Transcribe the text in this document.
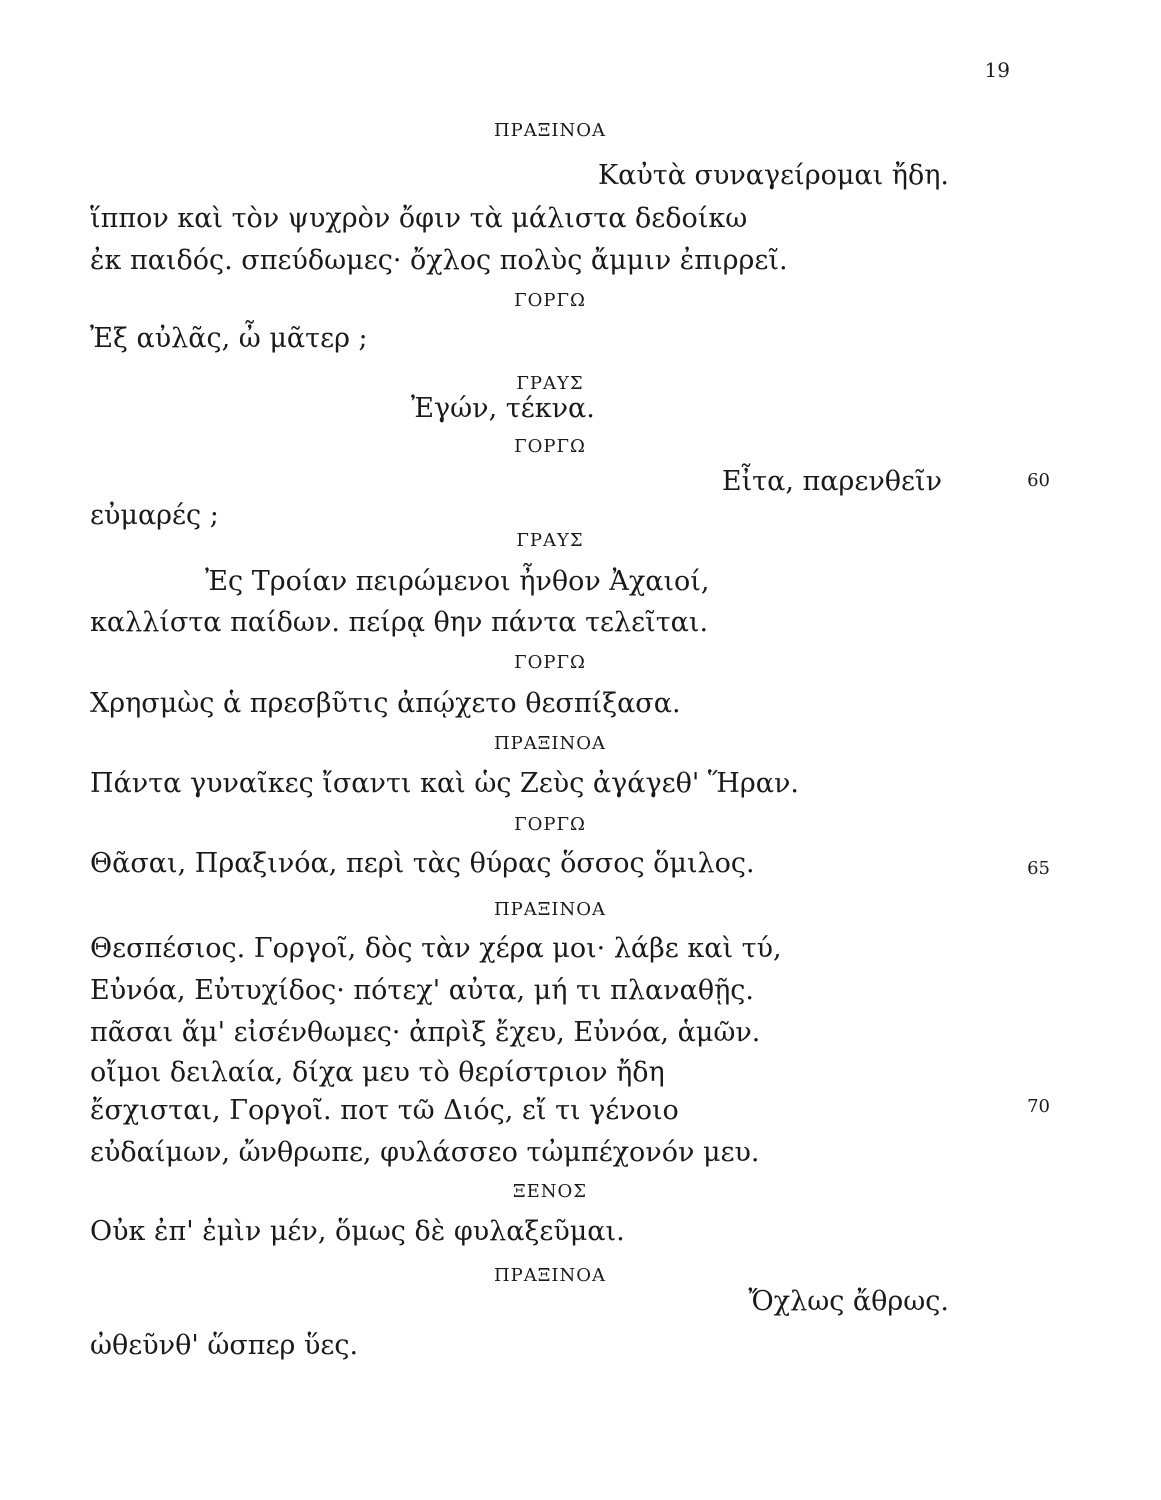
19
ΠΡΑΞΙΝΟΑ
Καὐτὰ συναγείρομαι ἤδη.
ἵππον καὶ τὸν ψυχρὸν ὄφιν τὰ μάλιστα δεδοίκω
ἐκ παιδός. σπεύδωμες· ὄχλος πολὺς ἄμμιν ἐπιρρεῖ.
ΓΟΡΓΩ
Ἐξ αὐλᾶς, ὦ μᾶτερ ;
ΓΡΑΥΣ
Ἐγών, τέκνα.
ΓΟΡΓΩ
Εἶτα, παρενθεῖν	60
εὐμαρές ;
ΓΡΑΥΣ
Ἐς Τροίαν πειρώμενοι ἦνθον Ἀχαιοί,
καλλίστα παίδων. πείρᾳ θην πάντα τελεῖται.
ΓΟΡΓΩ
Χρησμὼς ἁ πρεσβῦτις ἀπῴχετο θεσπίξασα.
ΠΡΑΞΙΝΟΑ
Πάντα γυναῖκες ἴσαντι καὶ ὡς Ζεὺς ἀγάγεθ' Ἥραν.
ΓΟΡΓΩ
Θᾶσαι, Πραξινόα, περὶ τὰς θύρας ὅσσος ὅμιλος.	65
ΠΡΑΞΙΝΟΑ
Θεσπέσιος. Γοργοῖ, δὸς τὰν χέρα μοι· λάβε καὶ τύ,
Εὐνόα, Εὐτυχίδος· πότεχ' αὐτα, μή τι πλαναθῇς.
πᾶσαι ἅμ' εἰσένθωμες· ἀπρὶξ ἔχευ, Εὐνόα, ἁμῶν.
οἴμοι δειλαία, δίχα μευ τὸ θερίστριον ἤδη
ἔσχισται, Γοργοῖ. ποτ τῶ Διός, εἴ τι γένοιο	70
εὐδαίμων, ὤνθρωπε, φυλάσσεο τὠμπέχονόν μευ.
ΞΕΝΟΣ
Οὐκ ἐπ' ἐμὶν μέν, ὅμως δὲ φυλαξεῦμαι.
ΠΡΑΞΙΝΟΑ
Ὄχλως ἄθρως.
ὠθεῦνθ' ὥσπερ ὕες.
